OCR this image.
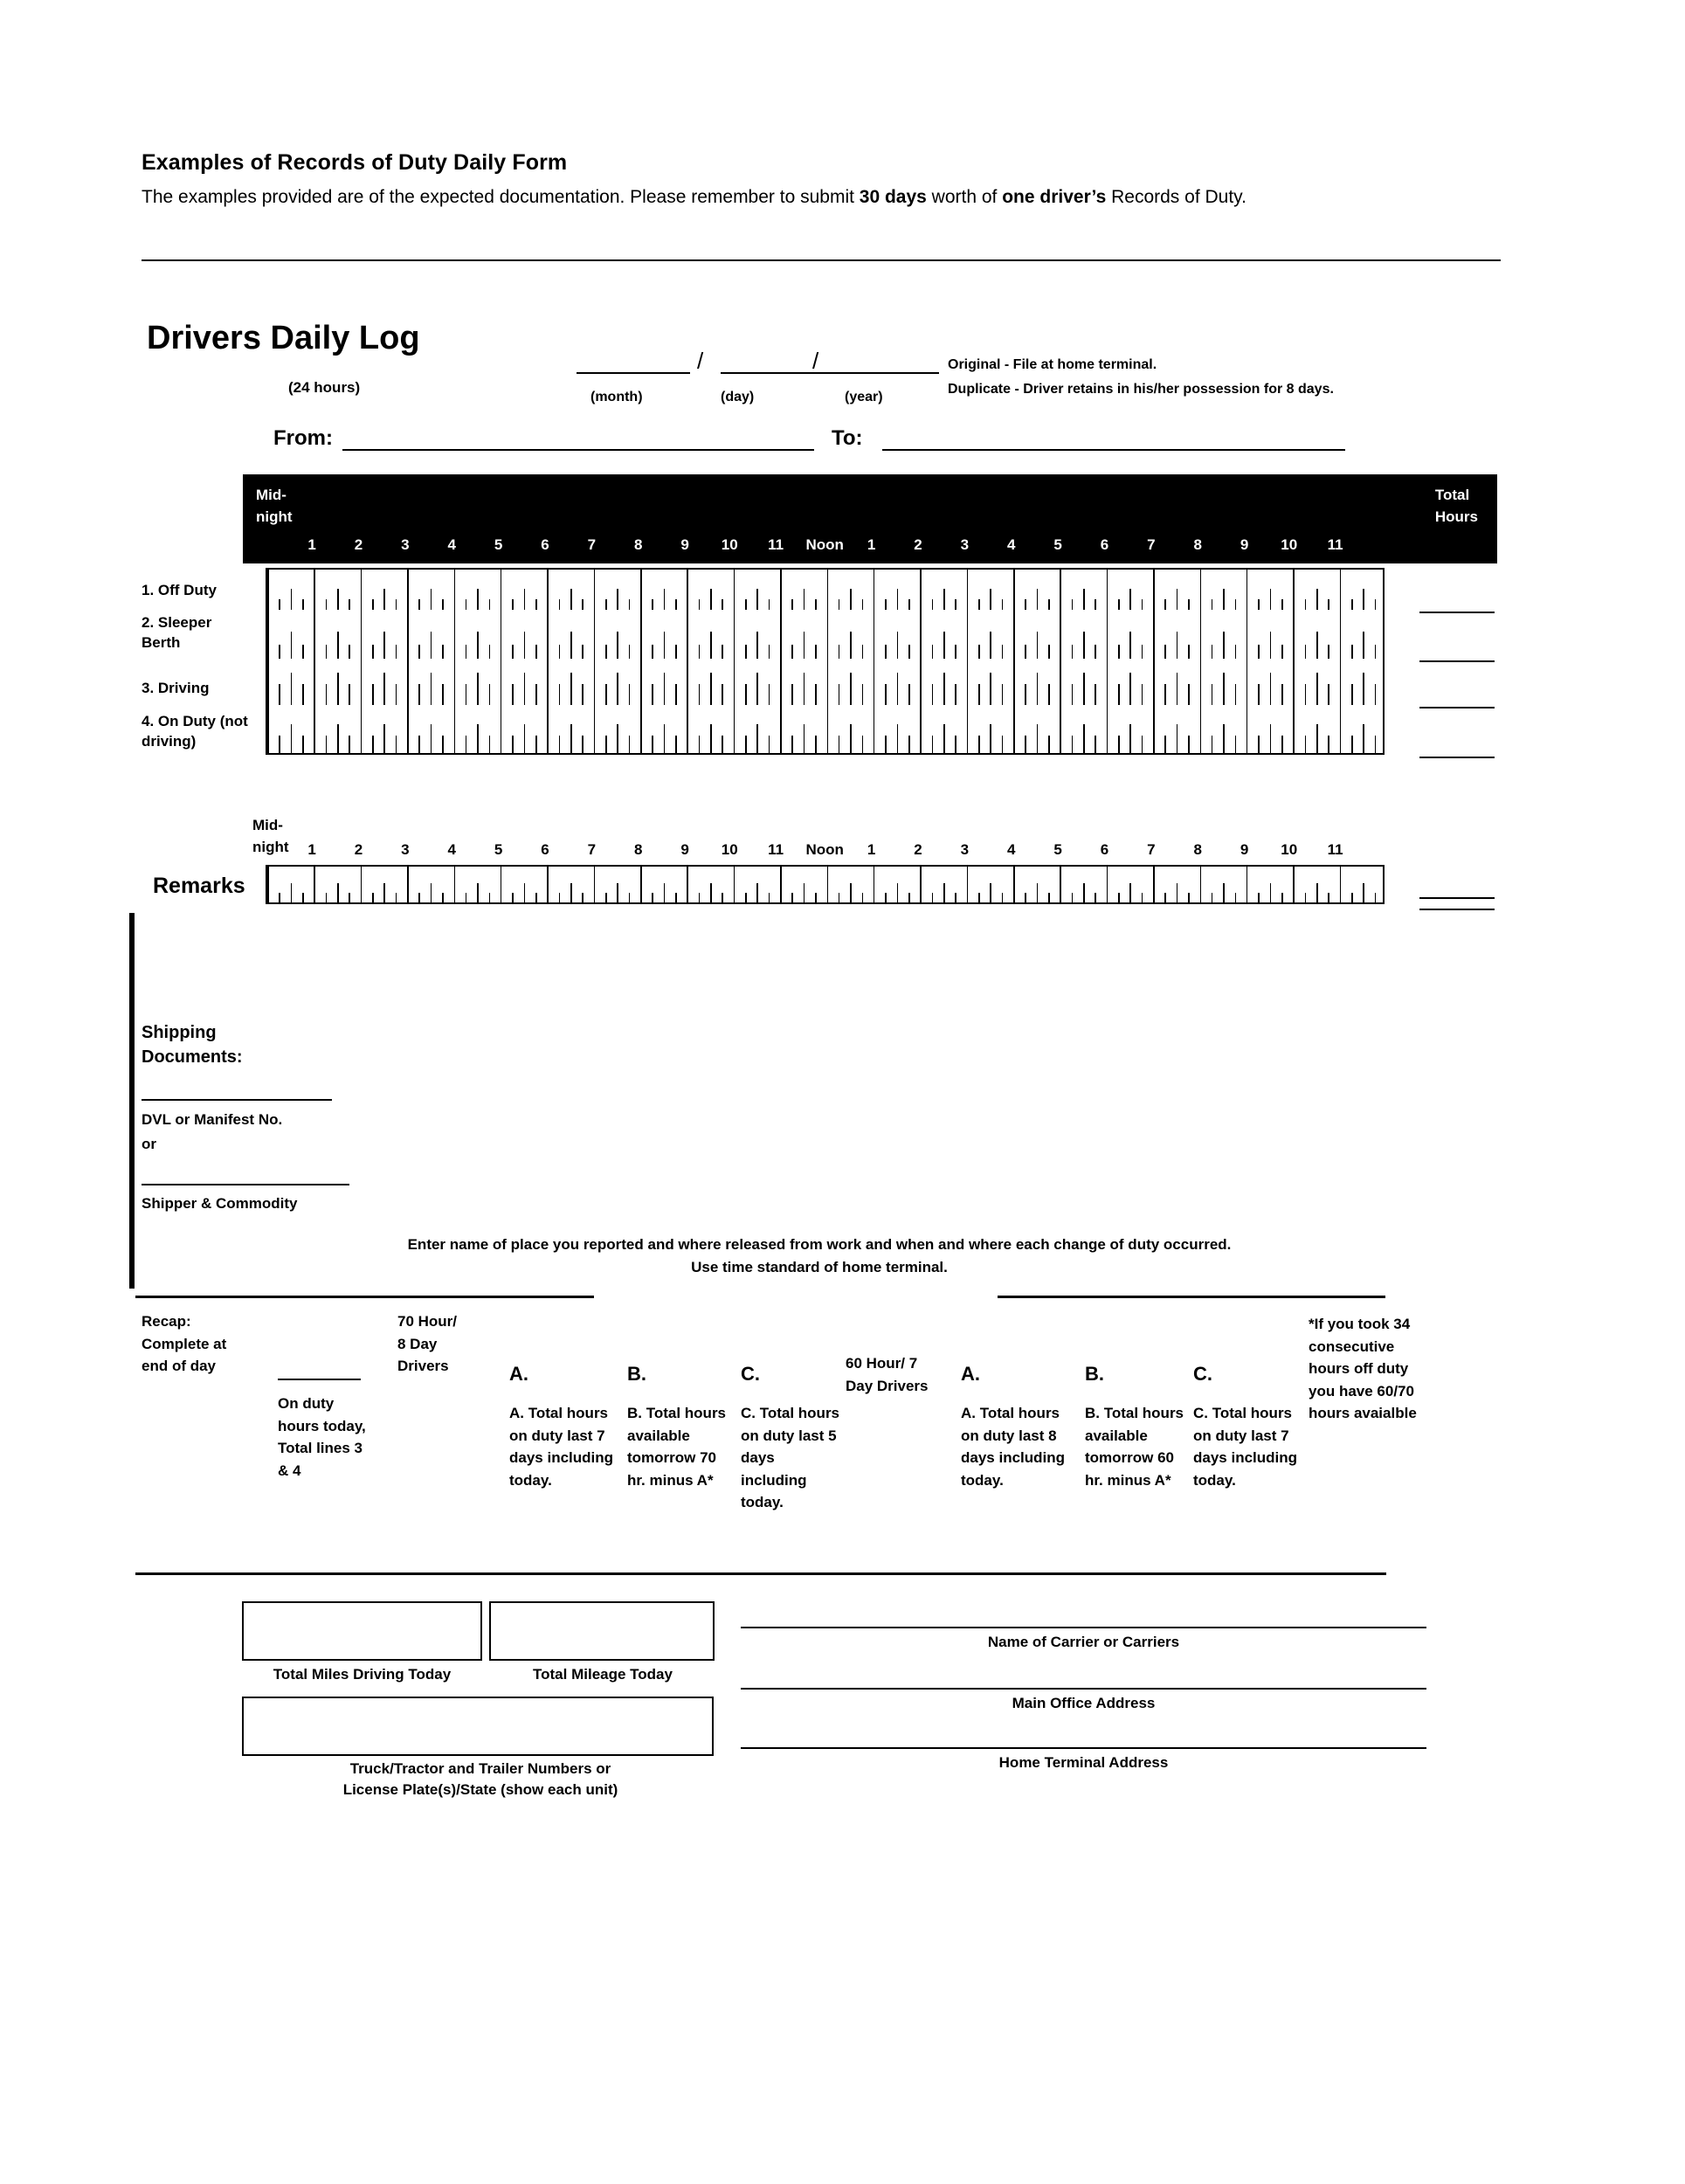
Examples of Records of Duty Daily Form

The examples provided are of the expected documentation. Please remember to submit 30 days worth of one driver’s Records of Duty.

Drivers Daily Log
(24 hours)
/	/
(month)	(day)	(year)
Original - File at home terminal.
Duplicate - Driver retains in his/her possession for 8 days.
From:	To:
Mid-
night
Total
Hours
1	2	3	4	5	6	7	8	9 10 11 Noon 1	2	3	4	5	6	7	8	9 10 11
1. Off Duty
2. Sleeper Berth
3. Driving
4. On Duty (not driving)
Mid-
night
Remarks
Shipping
Documents:
DVL or Manifest No.
or
Shipper & Commodity
Enter name of place you reported and where released from work and when and where each change of duty occurred.
Use time standard of home terminal.
Recap:
Complete at
end of day
On duty hours today, Total lines 3 & 4
70 Hour/
8 Day
Drivers	A.	B.	C.
A. Total hours on duty last 7 days including today.
B. Total hours available tomorrow 70 hr. minus A*
C. Total hours on duty last 5 days including today.
60 Hour/ 7
Day Drivers
A.	B.	C.
A. Total hours on duty last 8 days including today.
B. Total hours available tomorrow 60 hr. minus A*
C. Total hours on duty last 7 days including today.
*If you took 34 consecutive hours off duty you have 60/70 hours avaialble
Total Miles Driving Today	Total Mileage Today
Truck/Tractor and Trailer Numbers or
License Plate(s)/State (show each unit)
Name of Carrier or Carriers
Main Office Address
Home Terminal Address
1	2	3	4	5	6	7	8	9 10 11 Noon 1	2	3	4	5	6	7	8	9 10 11
